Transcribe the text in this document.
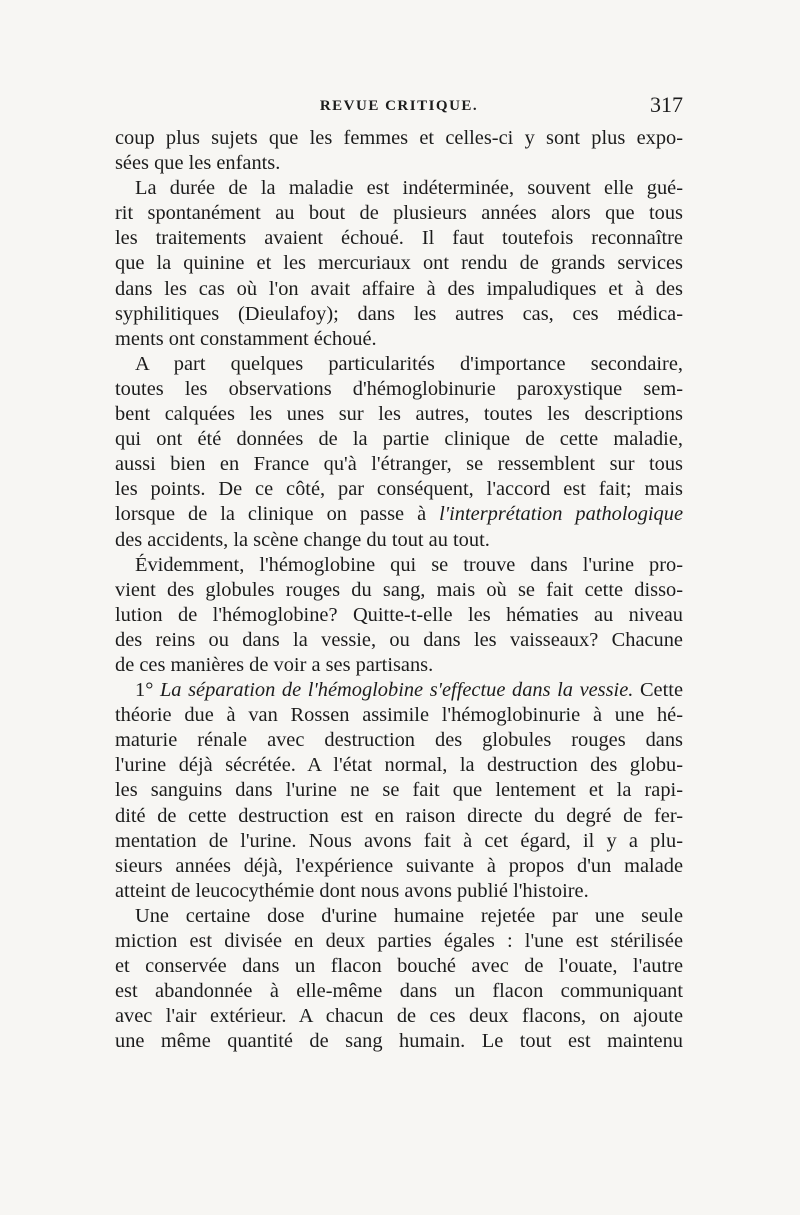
REVUE CRITIQUE.	317
coup plus sujets que les femmes et celles-ci y sont plus expo-
sées que les enfants.
La durée de la maladie est indéterminée, souvent elle gué-
rit spontanément au bout de plusieurs années alors que tous
les traitements avaient échoué. Il faut toutefois reconnaître
que la quinine et les mercuriaux ont rendu de grands services
dans les cas où l'on avait affaire à des impaludiques et à des
syphilitiques (Dieulafoy); dans les autres cas, ces médica-
ments ont constamment échoué.
A part quelques particularités d'importance secondaire,
toutes les observations d'hémoglobinurie paroxystique sem-
bent calquées les unes sur les autres, toutes les descriptions
qui ont été données de la partie clinique de cette maladie,
aussi bien en France qu'à l'étranger, se ressemblent sur tous
les points. De ce côté, par conséquent, l'accord est fait; mais
lorsque de la clinique on passe à l'interprétation pathologique
des accidents, la scène change du tout au tout.
Évidemment, l'hémoglobine qui se trouve dans l'urine pro-
vient des globules rouges du sang, mais où se fait cette disso-
lution de l'hémoglobine? Quitte-t-elle les hématies au niveau
des reins ou dans la vessie, ou dans les vaisseaux? Chacune
de ces manières de voir a ses partisans.
1° La séparation de l'hémoglobine s'effectue dans la vessie. Cette
théorie due à van Rossen assimile l'hémoglobinurie à une hé-
maturie rénale avec destruction des globules rouges dans
l'urine déjà sécrétée. A l'état normal, la destruction des globu-
les sanguins dans l'urine ne se fait que lentement et la rapi-
dité de cette destruction est en raison directe du degré de fer-
mentation de l'urine. Nous avons fait à cet égard, il y a plu-
sieurs années déjà, l'expérience suivante à propos d'un malade
atteint de leucocythémie dont nous avons publié l'histoire.
Une certaine dose d'urine humaine rejetée par une seule
miction est divisée en deux parties égales : l'une est stérilisée
et conservée dans un flacon bouché avec de l'ouate, l'autre
est abandonnée à elle-même dans un flacon communiquant
avec l'air extérieur. A chacun de ces deux flacons, on ajoute
une même quantité de sang humain. Le tout est maintenu
